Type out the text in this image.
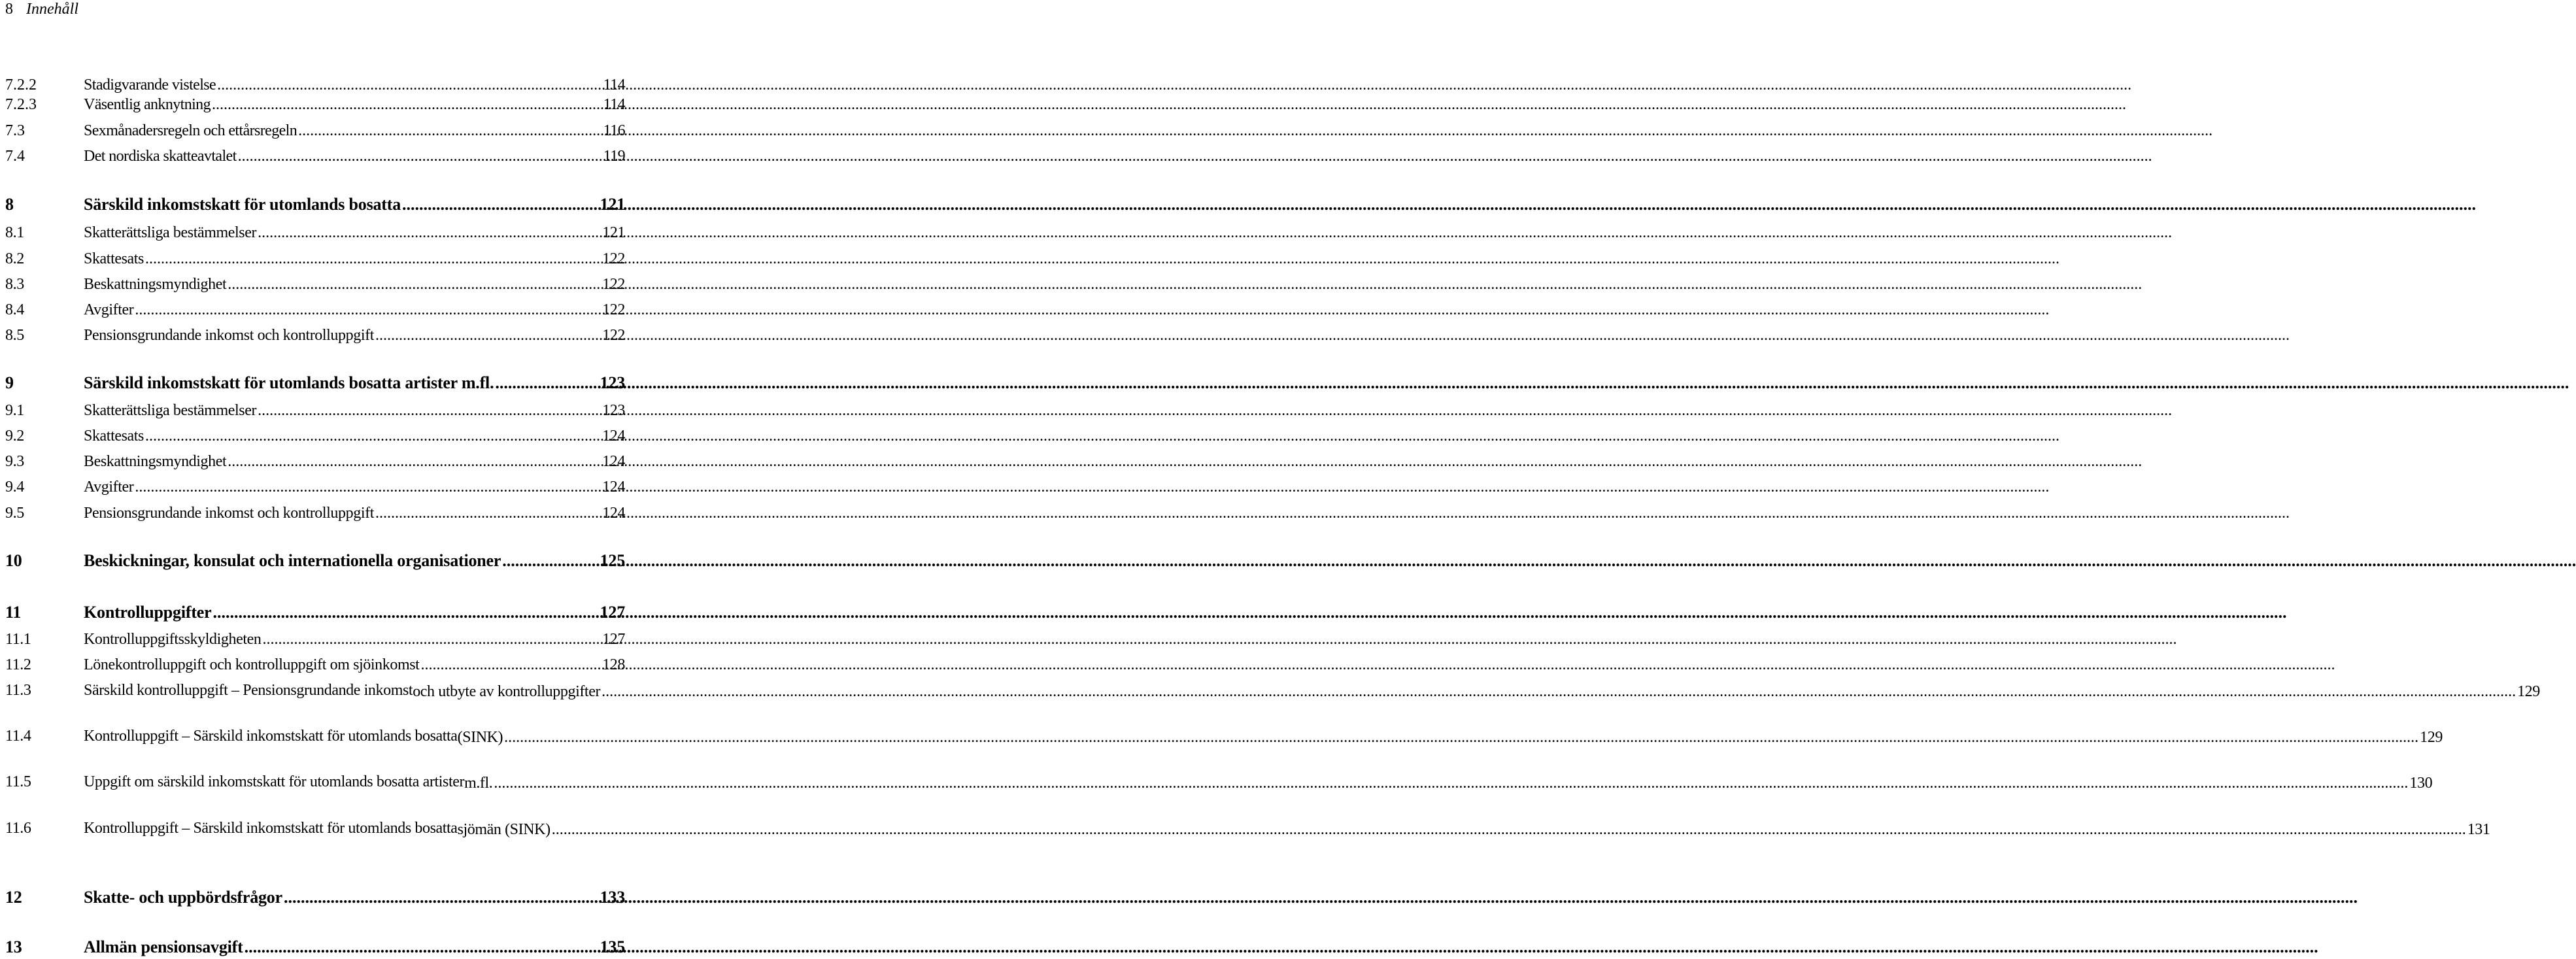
8 Innehåll
7.2.2	Stadigvarande vistelse .....	114
7.2.3	Väsentlig anknytning .....	114
7.3	Sexmånadersregeln och ettårsregeln .....	116
7.4	Det nordiska skatteavtalet .....	119
8	Särskild inkomstskatt för utomlands bosatta .....	121
8.1	Skatterättsliga bestämmelser .....	121
8.2	Skattesats .....	122
8.3	Beskattningsmyndighet .....	122
8.4	Avgifter .....	122
8.5	Pensionsgrundande inkomst och kontrolluppgift .....	122
9	Särskild inkomstskatt för utomlands bosatta artister m.fl. .....	123
9.1	Skatterättsliga bestämmelser .....	123
9.2	Skattesats .....	124
9.3	Beskattningsmyndighet .....	124
9.4	Avgifter .....	124
9.5	Pensionsgrundande inkomst och kontrolluppgift .....	124
10	Beskickningar, konsulat och internationella organisationer .....	125
11	Kontrolluppgifter .....	127
11.1	Kontrolluppgiftsskyldigheten .....	127
11.2	Lönekontrolluppgift och kontrolluppgift om sjöinkomst .....	128
11.3	Särskild kontrolluppgift – Pensionsgrundande inkomst och utbyte av kontrolluppgifter .....	129
11.4	Kontrolluppgift – Särskild inkomstskatt för utomlands bosatta (SINK) .....	129
11.5	Uppgift om särskild inkomstskatt för utomlands bosatta artister m.fl. .....	130
11.6	Kontrolluppgift – Särskild inkomstskatt för utomlands bosatta sjömän (SINK) .....	131
12	Skatte- och uppbördsfrågor .....	133
13	Allmän pensionsavgift .....	135
